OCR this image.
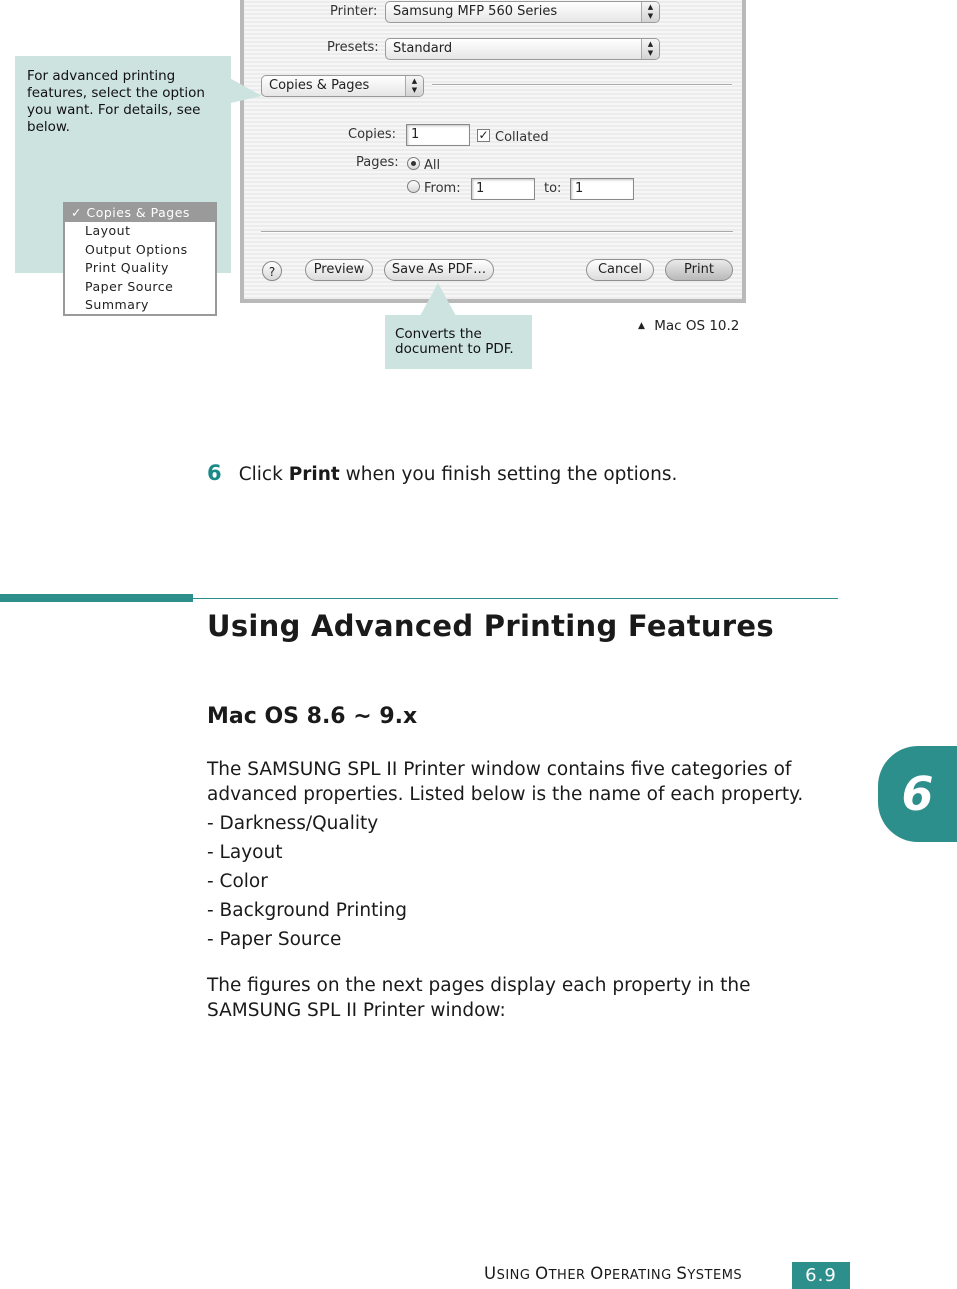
Printer:	Samsung MFP 560 Series	▲
▼
Presets:	Standard	▲
▼
Copies & Pages	▲
▼
Copies:	1	✓ Collated
Pages: All
From:	1	to:	1
?	Preview	Save As PDF…	Cancel	Print
For advanced printing features, select the option you want. For details, see below.
✓ Copies & Pages
Layout
Output Options
Print Quality
Paper Source
Summary
Converts the document to PDF.
▲ Mac OS 10.2
6 Click Print when you finish setting the options.
Using Advanced Printing Features
Mac OS 8.6 ~ 9.x
The SAMSUNG SPL II Printer window contains five categories of
advanced properties. Listed below is the name of each property.
- Darkness/Quality
- Layout
- Color
- Background Printing
- Paper Source
The figures on the next pages display each property in the
SAMSUNG SPL II Printer window:
6
USING OTHER OPERATING SYSTEMS	6.9
